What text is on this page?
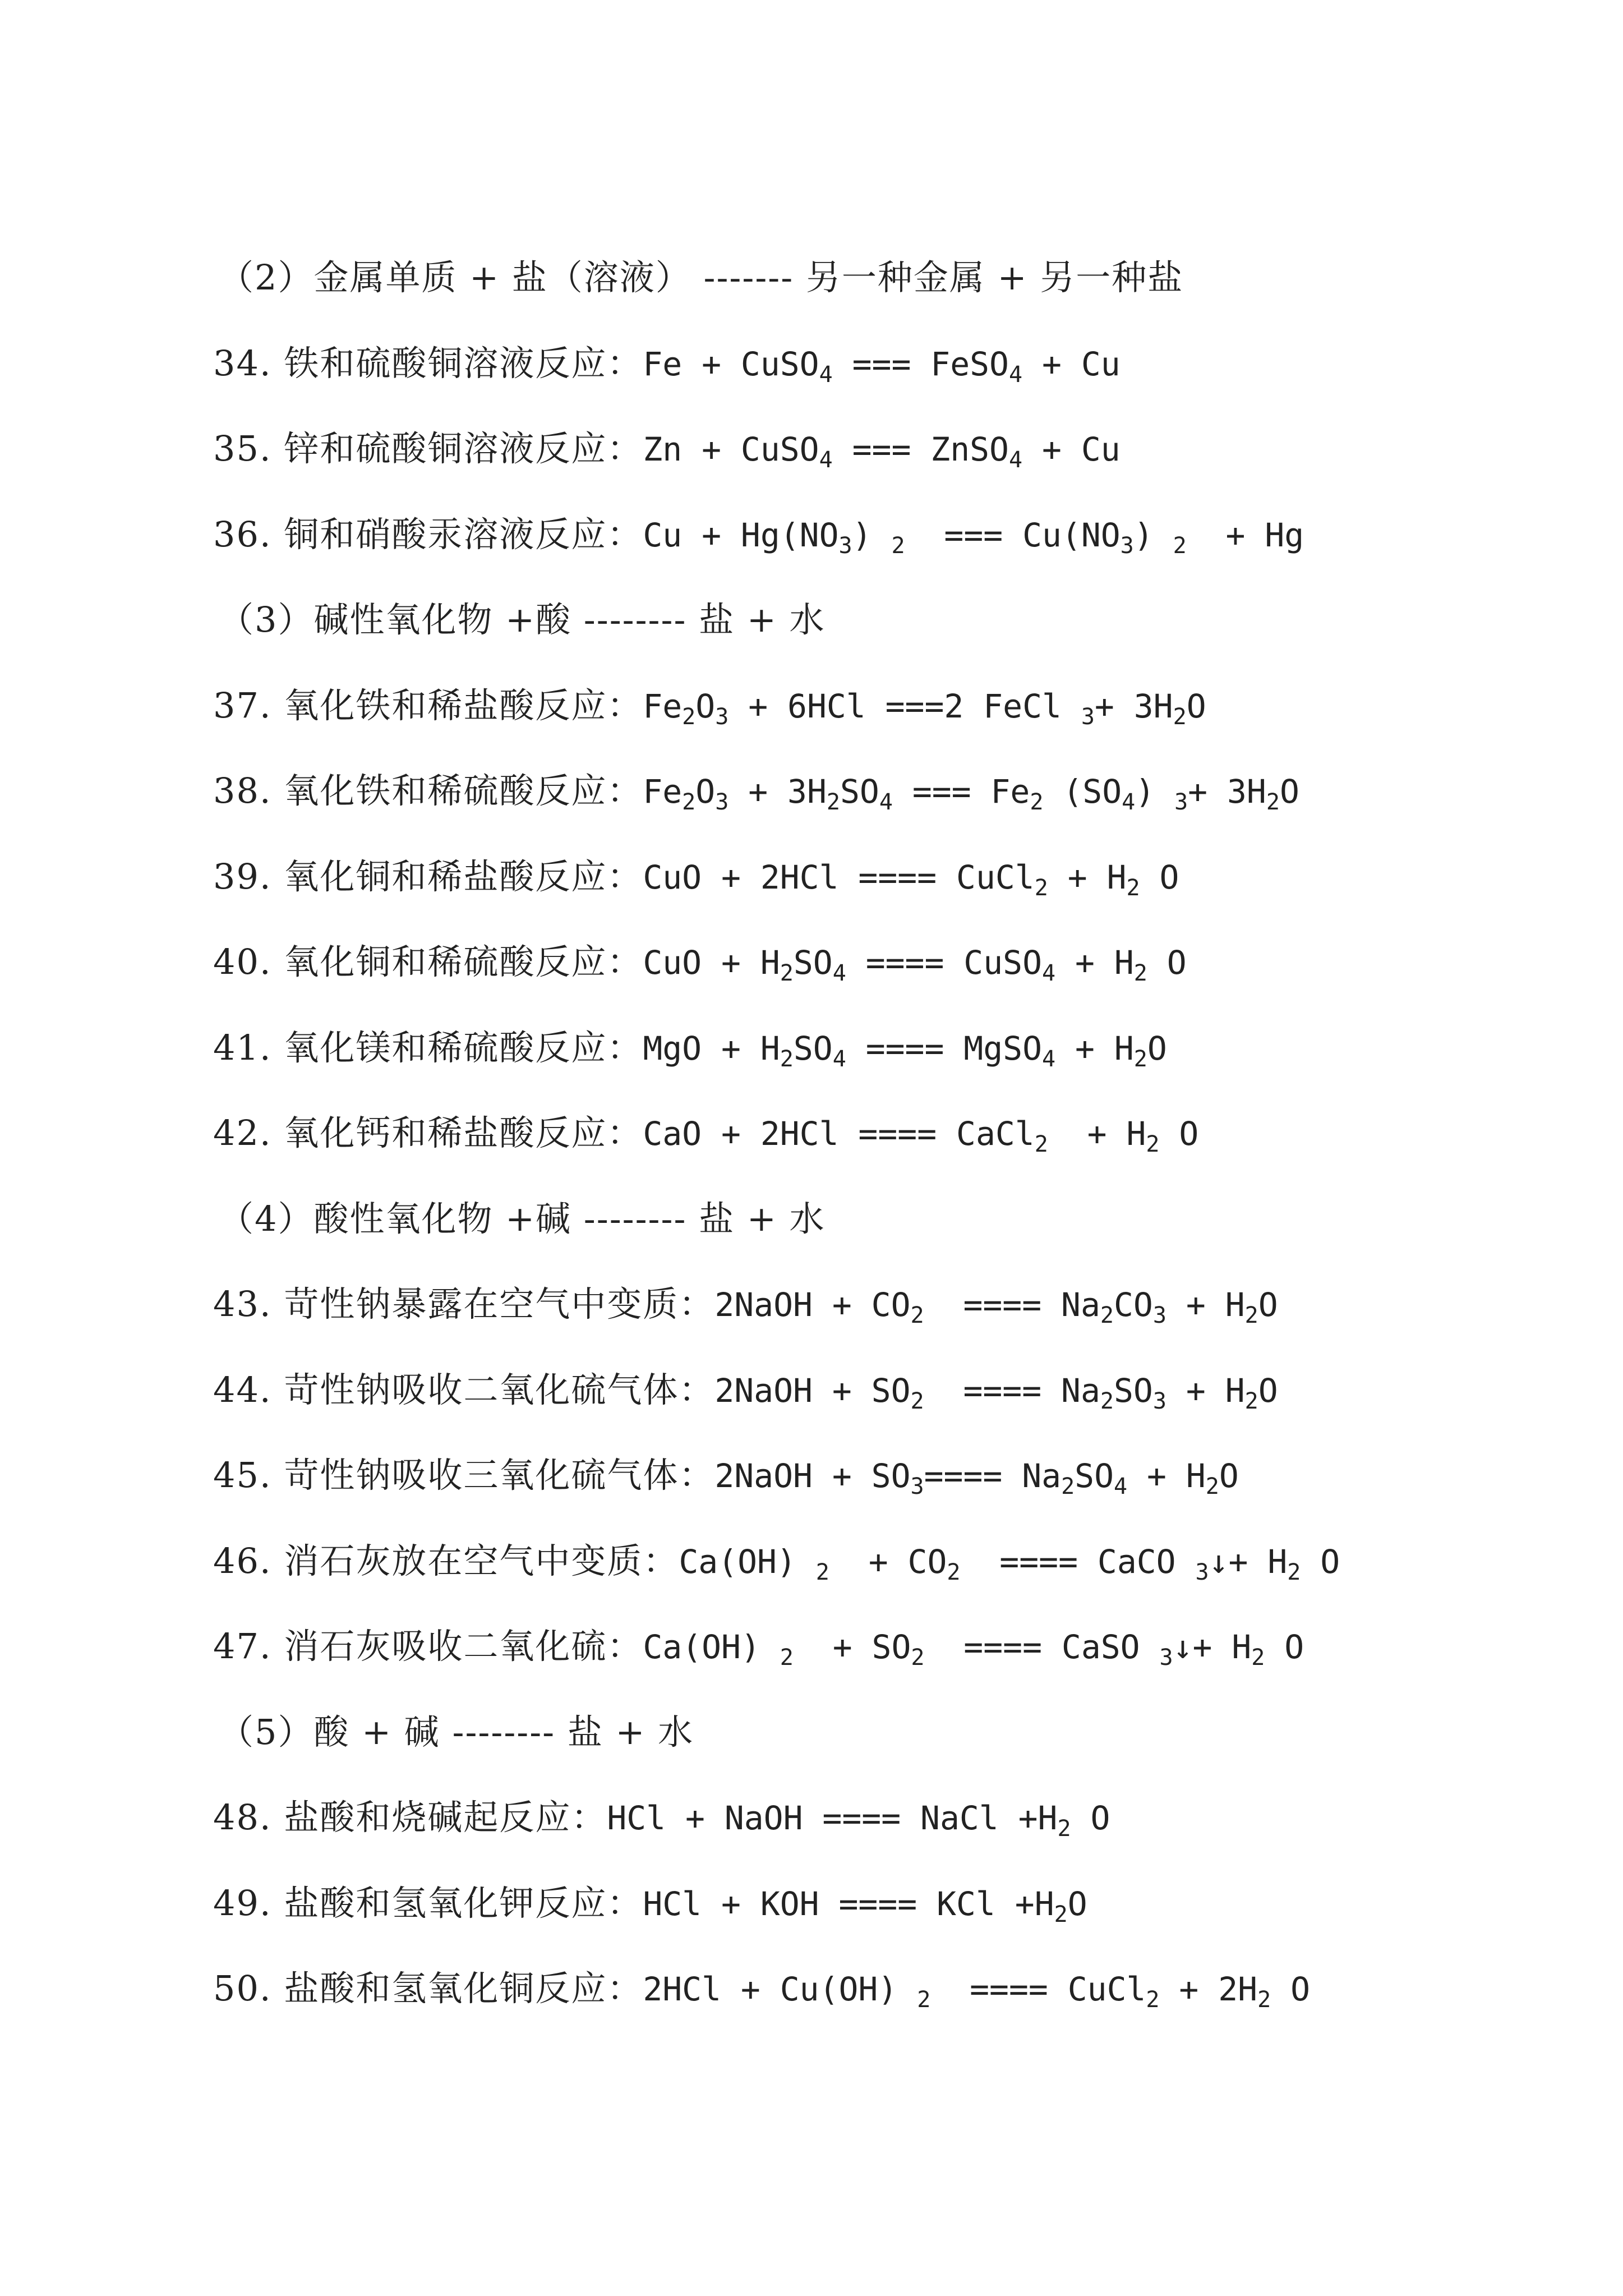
（2）金属单质 + 盐（溶液） ------- 另一种金属 + 另一种盐
34. 铁和硫酸铜溶液反应：Fe + CuSO$_4$ === FeSO$_4$ + Cu
35. 锌和硫酸铜溶液反应：Zn + CuSO$_4$ === ZnSO$_4$ + Cu
36. 铜和硝酸汞溶液反应：$Cu + Hg(NO_3)$ $_2$  === $Cu(NO_3) _2 + Hg$
（3）碱性氧化物 +酸 -------- 盐 + 水
37. 氧化铁和稀盐酸反应：$Fe_2O_3 + 6HCl ===2$ FeCl $_3+ 3H_2O$
38. 氧化铁和稀硫酸反应：$Fe_2O_3 + 3H_2SO_4$ === $Fe_2$ $(SO_4)$ $_3+ 3H_2O$
39. 氧化铜和稀盐酸反应：CuO + 2HCl ==== CuCl$_2$ + $H_2$ O
40. 氧化铜和稀硫酸反应：CuO + $H_2SO_4$ ==== CuSO$_4$ + $H_2$ O
41. 氧化镁和稀硫酸反应：MgO + $H_2SO_4$ ==== MgSO$_4$ + $H_2O$
42. 氧化钙和稀盐酸反应：CaO + 2HCl ==== CaCl$_2$  + $H_2$ O
（4）酸性氧化物 +碱 -------- 盐 + 水
43. 苛性钠暴露在空气中变质：2NaOH + $CO_2$  ==== $Na_2CO_3 + H_2O$
44. 苛性钠吸收二氧化硫气体：2NaOH + $SO_2$  ==== $Na_2SO_3 + H_2O$
45. 苛性钠吸收三氧化硫气体：2NaOH + $SO_3==== Na_2SO_4 + H_2O$
46. 消石灰放在空气中变质：Ca(OH) $_2 + CO_2$  ==== CaCO $_3$↓+ $H_2$ O
47. 消石灰吸收二氧化硫：Ca(OH) $_2 + SO_2$  ==== CaSO $_3$↓+ $H_2$ O
（5）酸 + 碱 -------- 盐 + 水
48. 盐酸和烧碱起反应：HCl + NaOH ==== NaCl $+H_2$ O
49. 盐酸和氢氧化钾反应：HCl + KOH ==== KCl $+H_2O$
50. 盐酸和氢氧化铜反应：2HCl + Cu(OH) $_2$  ==== CuCl$_2$ + $2H_2$ O
